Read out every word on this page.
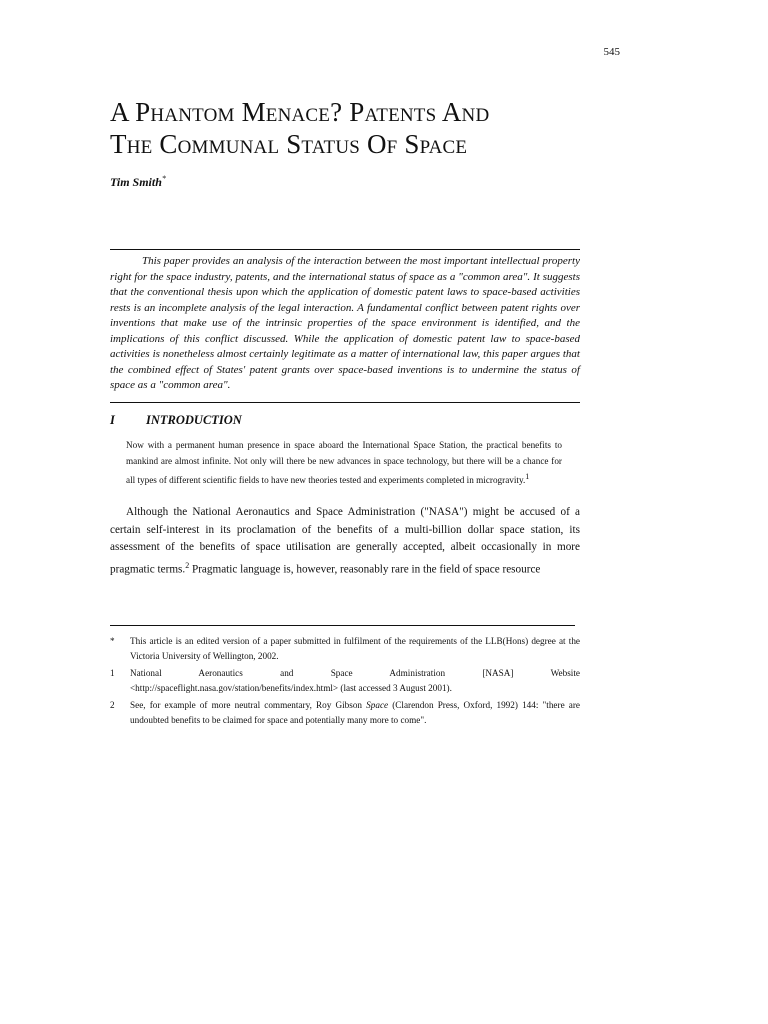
545
A Phantom Menace? Patents And
The Communal Status Of Space
Tim Smith*

This paper provides an analysis of the interaction between the most important intellectual property right for the space industry, patents, and the international status of space as a "common area". It suggests that the conventional thesis upon which the application of domestic patent laws to space-based activities rests is an incomplete analysis of the legal interaction. A fundamental conflict between patent rights over inventions that make use of the intrinsic properties of the space environment is identified, and the implications of this conflict discussed. While the application of domestic patent law to space-based activities is nonetheless almost certainly legitimate as a matter of international law, this paper argues that the combined effect of States' patent grants over space-based inventions is to undermine the status of space as a "common area".

I INTRODUCTION

Now with a permanent human presence in space aboard the International Space Station, the practical benefits to mankind are almost infinite. Not only will there be new advances in space technology, but there will be a chance for all types of different scientific fields to have new theories tested and experiments completed in microgravity.$^1$

Although the National Aeronautics and Space Administration ("NASA") might be accused of a certain self-interest in its proclamation of the benefits of a multi-billion dollar space station, its assessment of the benefits of space utilisation are generally accepted, albeit occasionally in more pragmatic terms.$^2$ Pragmatic language is, however, reasonably rare in the field of space resource

*	This article is an edited version of a paper submitted in fulfilment of the requirements of the LLB(Hons) degree at the Victoria University of Wellington, 2002.
1	National Aeronautics and Space Administration [NASA] Website <http://spaceflight.nasa.gov/station/benefits/index.html> (last accessed 3 August 2001).
2	See, for example of more neutral commentary, Roy Gibson Space (Clarendon Press, Oxford, 1992) 144: "there are undoubted benefits to be claimed for space and potentially many more to come".
